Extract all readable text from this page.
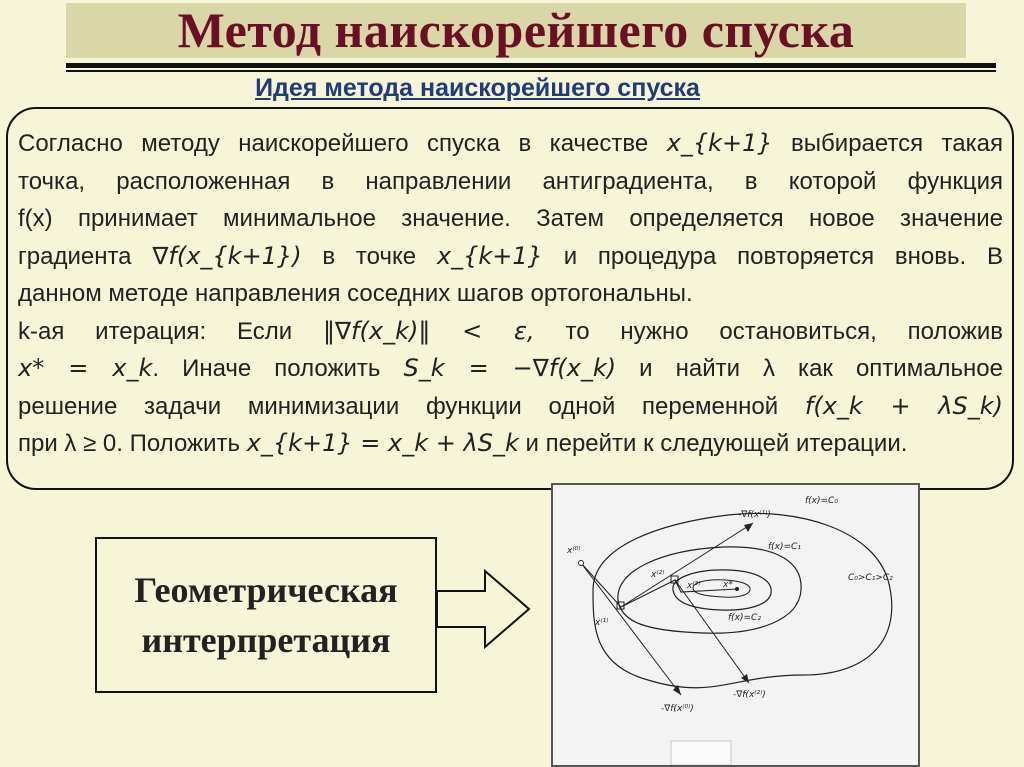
Метод наискорейшего спуска
Идея метода наискорейшего спуска

Согласно методу наискорейшего спуска в качестве x_{k+1} выбирается такая

точка, расположенная в направлении антиградиента, в которой функция

f(x) принимает минимальное значение. Затем определяется новое значение

градиента ∇f(x_{k+1}) в точке x_{k+1} и процедура повторяется вновь. В

данном методе направления соседних шагов ортогональны.

k-ая итерация: Если ‖∇f(x_k)‖ < ε, то нужно остановиться, положив

x* = x_k. Иначе положить S_k = −∇f(x_k) и найти λ как оптимальное

решение задачи минимизации функции одной переменной f(x_k + λS_k)

при λ ≥ 0. Положить x_{k+1} = x_k + λS_k и перейти к следующей итерации.

Геометрическая
интерпретация
f(x)=C₀
f(x)=C₁
f(x)=C₂
C₀>C₁>C₂
x⁽⁰⁾
x⁽¹⁾
x⁽²⁾
x⁽³⁾	x*
-∇f(x⁽¹⁾)
-∇f(x⁽⁰⁾)
-∇f(x⁽²⁾)
